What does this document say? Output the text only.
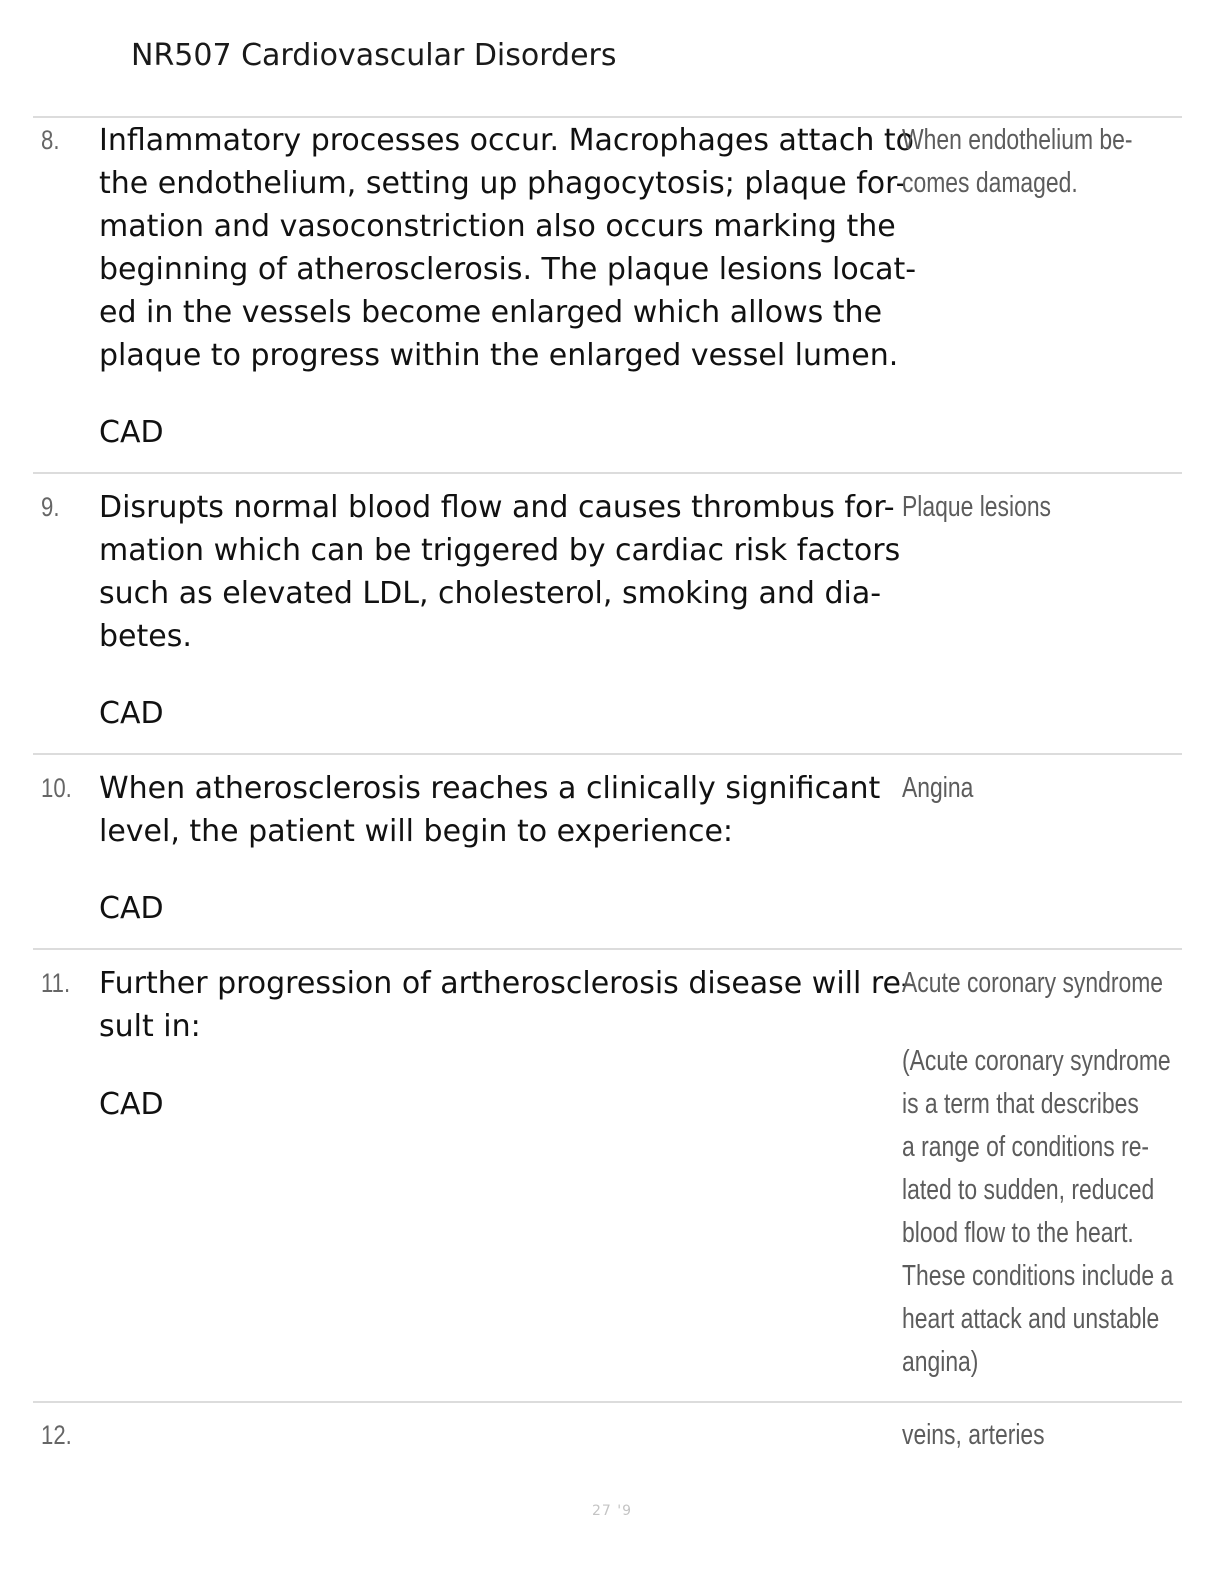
NR507 Cardiovascular Disorders
8. Inflammatory processes occur. Macrophages attach to
the endothelium, setting up phagocytosis; plaque for-
mation and vasoconstriction also occurs marking the
beginning of atherosclerosis. The plaque lesions locat-
ed in the vessels become enlarged which allows the
plaque to progress within the enlarged vessel lumen.
CAD
When endothelium be-
comes damaged.
9. Disrupts normal blood flow and causes thrombus for-
mation which can be triggered by cardiac risk factors
such as elevated LDL, cholesterol, smoking and dia-
betes.
CAD
Plaque lesions
10. When atherosclerosis reaches a clinically significant
level, the patient will begin to experience:
CAD
Angina
11. Further progression of artherosclerosis disease will re-
sult in:
CAD
Acute coronary syndrome
(Acute coronary syndrome
is a term that describes
a range of conditions re-
lated to sudden, reduced
blood flow to the heart.
These conditions include a
heart attack and unstable
angina)
12.	veins, arteries
27 '9
